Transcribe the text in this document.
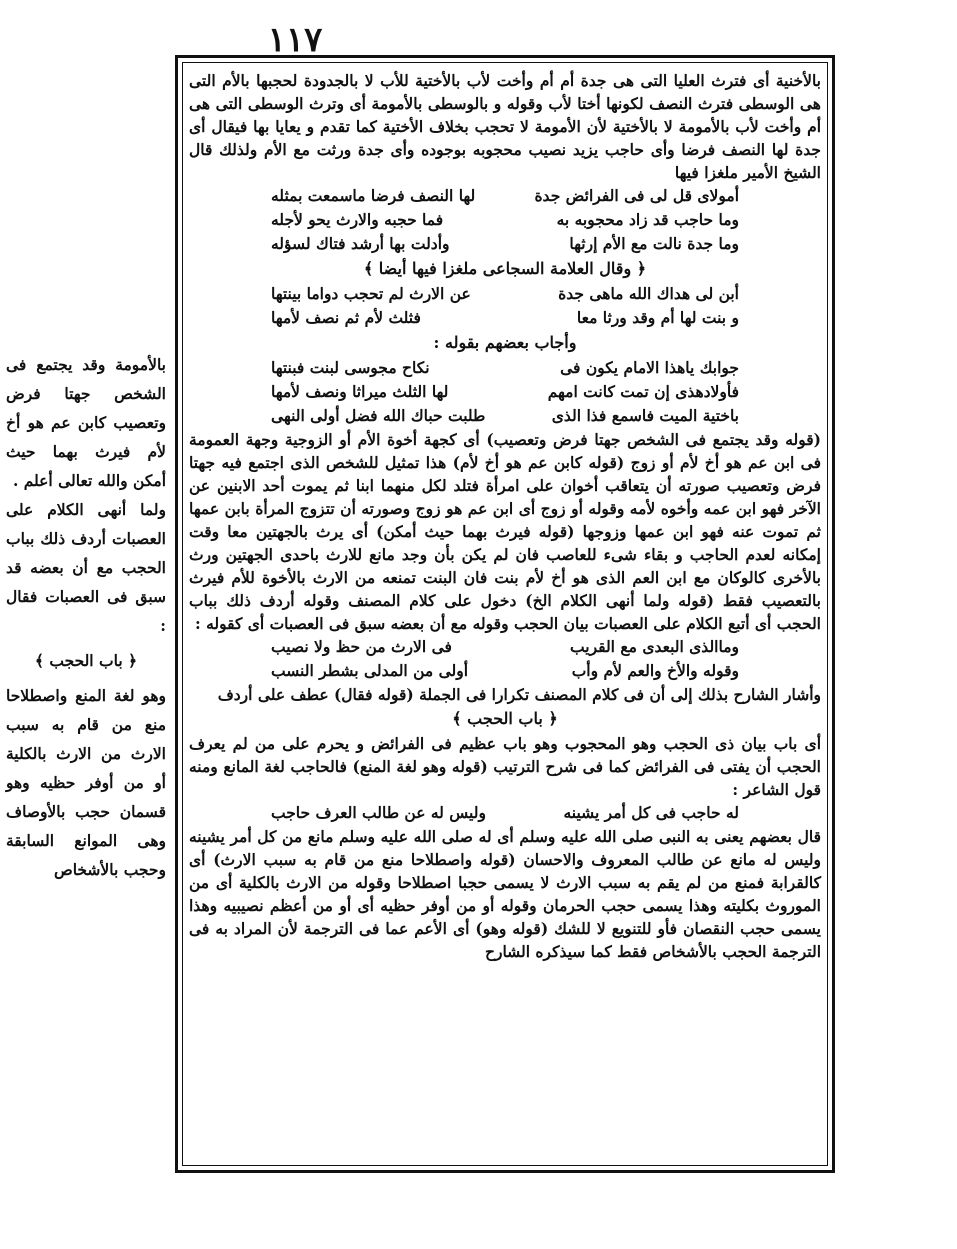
١١٧

بالأخنية أى فترث العليا التى هى جدة أم أم وأخت لأب بالأختية للأب لا بالجدودة لحجبها بالأم التى هى الوسطى فترث النصف لكونها أختا لأب وقوله و بالوسطى بالأمومة أى وترث الوسطى التى هى أم وأخت لأب بالأمومة لا بالأختية لأن الأمومة لا تحجب بخلاف الأختية كما تقدم و يعايا بها فيقال أى جدة لها النصف فرضا وأى حاجب يزيد نصيب محجوبه بوجوده وأى جدة ورثت مع الأم ولذلك قال الشيخ الأمير ملغزا فيها

أمولاى قل لى فى الفرائض جدة
لها النصف فرضا ماسمعت بمثله
وما حاجب قد زاد محجوبه به
فما حجبه والارث يحو لأجله
وما جدة نالت مع الأم إرثها
وأدلت بها أرشد فتاك لسؤله
﴿ وقال العلامة السجاعى ملغزا فيها أيضا ﴾
أبن لى هداك الله ماهى جدة
عن الارث لم تحجب دواما بينتها
و بنت لها أم وقد ورثا معا
فثلث لأم ثم نصف لأمها
وأجاب بعضهم بقوله :
جوابك ياهذا الامام يكون فى
نكاح مجوسى لبنت فبنتها
فأولادهذى إن تمت كانت امهم
لها الثلث ميراثا ونصف لأمها
باختية الميت فاسمع فذا الذى
طلبت حباك الله فضل أولى النهى

(قوله وقد يجتمع فى الشخص جهتا فرض وتعصيب) أى كجهة أخوة الأم أو الزوجية وجهة العمومة فى ابن عم هو أخ لأم أو زوج (قوله كابن عم هو أخ لأم) هذا تمثيل للشخص الذى اجتمع فيه جهتا فرض وتعصيب صورته أن يتعاقب أخوان على امرأة فتلد لكل منهما ابنا ثم يموت أحد الابنين عن الآخر فهو ابن عمه وأخوه لأمه وقوله أو زوج أى ابن عم هو زوج وصورته أن تتزوج المرأة بابن عمها ثم تموت عنه فهو ابن عمها وزوجها (قوله فيرث بهما حيث أمكن) أى يرث بالجهتين معا وقت إمكانه لعدم الحاجب و بقاء شىء للعاصب فان لم يكن بأن وجد مانع للارث باحدى الجهتين ورث بالأخرى كالوكان مع ابن العم الذى هو أخ لأم بنت فان البنت تمنعه من الارث بالأخوة للأم فيرث بالتعصيب فقط (قوله ولما أنهى الكلام الخ) دخول على كلام المصنف وقوله أردف ذلك بباب الحجب أى أتبع الكلام على العصبات بيان الحجب وقوله مع أن بعضه سبق فى العصبات أى كقوله :

وماالذى البعدى مع القريب
فى الارث من حظ ولا نصيب
وقوله والأخ والعم لأم وأب
أولى من المدلى بشطر النسب

وأشار الشارح بذلك إلى أن فى كلام المصنف تكرارا فى الجملة (قوله فقال) عطف على أردف

﴿ باب الحجب ﴾

أى باب بيان ذى الحجب وهو المحجوب وهو باب عظيم فى الفرائض و يحرم على من لم يعرف الحجب أن يفتى فى الفرائض كما فى شرح الترتيب (قوله وهو لغة المنع) فالحاجب لغة المانع ومنه قول الشاعر :

له حاجب فى كل أمر يشينه
وليس له عن طالب العرف حاجب

قال بعضهم يعنى به النبى صلى الله عليه وسلم أى له صلى الله عليه وسلم مانع من كل أمر يشينه وليس له مانع عن طالب المعروف والاحسان (قوله واصطلاحا منع من قام به سبب الارث) أى كالقرابة فمنع من لم يقم به سبب الارث لا يسمى حجبا اصطلاحا وقوله من الارث بالكلية أى من الموروث بكليته وهذا يسمى حجب الحرمان وقوله أو من أوفر حظيه أى أو من أعظم نصيبيه وهذا يسمى حجب النقصان فأو للتنويع لا للشك (قوله وهو) أى الأعم عما فى الترجمة لأن المراد به فى الترجمة الحجب بالأشخاص فقط كما سيذكره الشارح

بالأمومة وقد يجتمع فى الشخص جهتا فرض وتعصيب كابن عم هو أخ لأم فيرث بهما حيث أمكن والله تعالى أعلم .

ولما أنهى الكلام على العصبات أردف ذلك بباب الحجب مع أن بعضه قد سبق فى العصبات فقال :

﴿ باب الحجب ﴾

وهو لغة المنع واصطلاحا منع من قام به سبب الارث من الارث بالكلية أو من أوفر حظيه وهو قسمان حجب بالأوصاف وهى الموانع السابقة وحجب بالأشخاص
